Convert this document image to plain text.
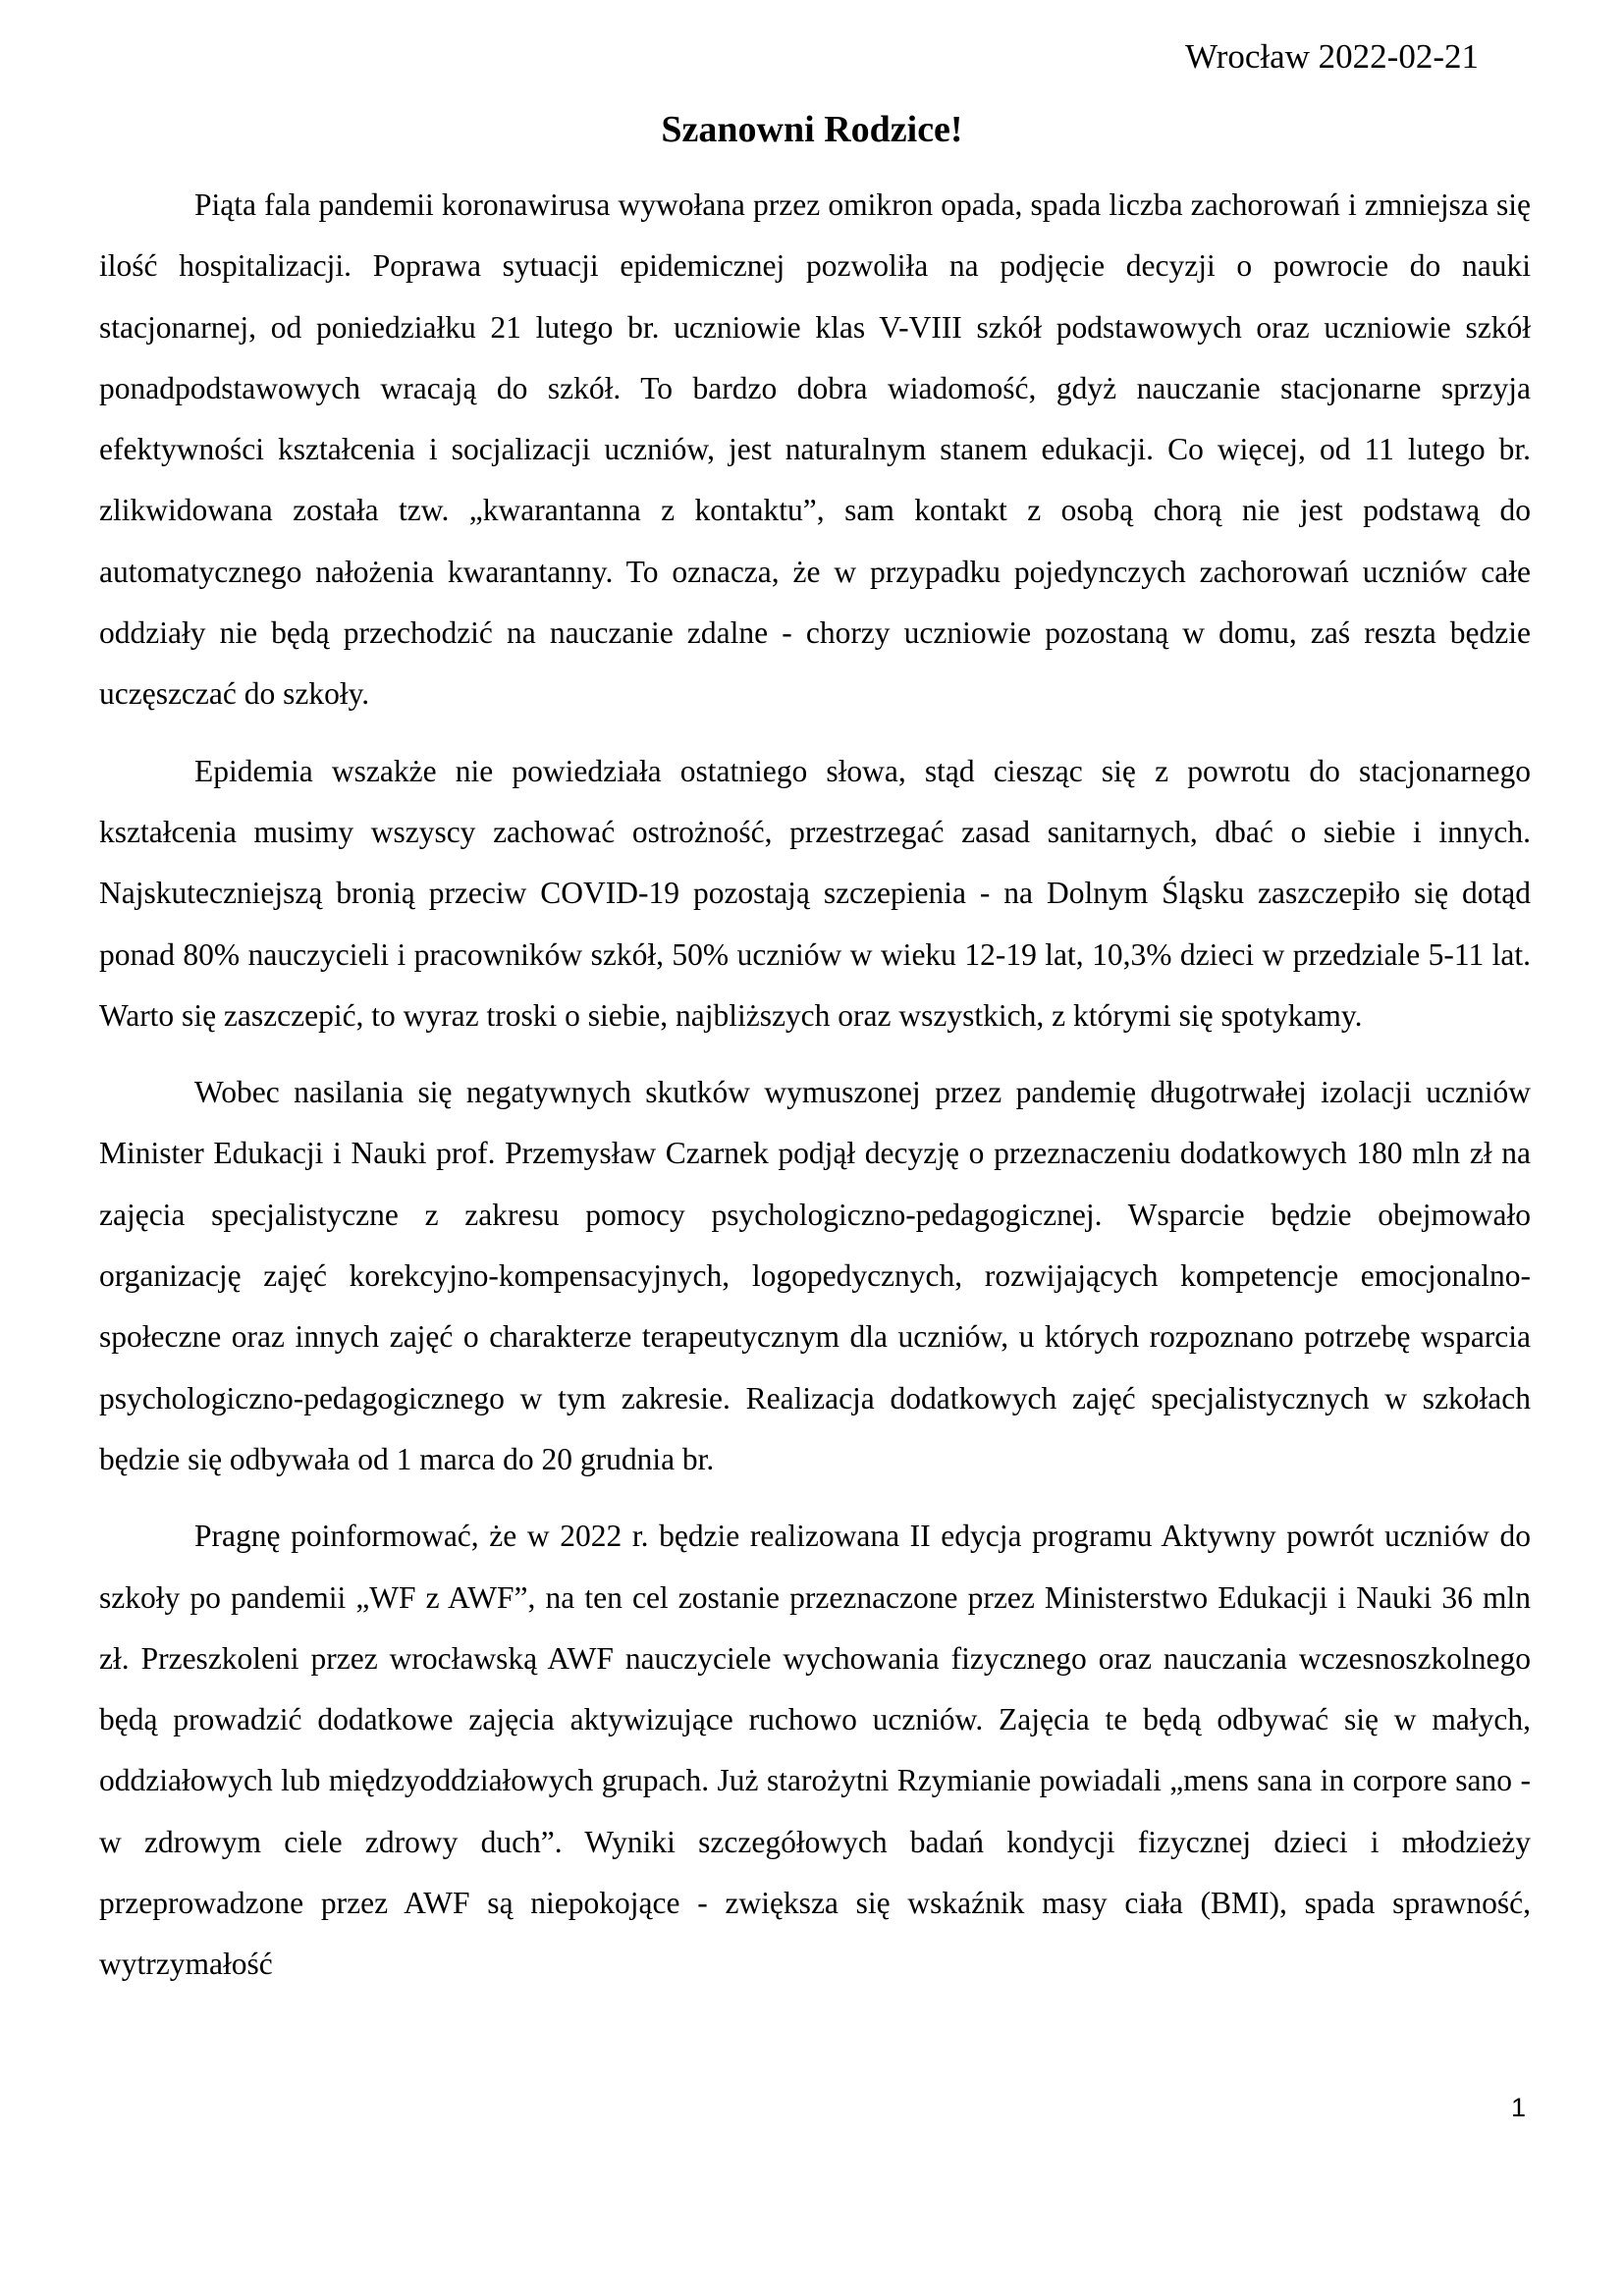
Wrocław 2022-02-21
Szanowni Rodzice!

Piąta fala pandemii koronawirusa wywołana przez omikron opada, spada liczba zachorowań i zmniejsza się ilość hospitalizacji. Poprawa sytuacji epidemicznej pozwoliła na podjęcie decyzji o powrocie do nauki stacjonarnej, od poniedziałku 21 lutego br. uczniowie klas V-VIII szkół podstawowych oraz uczniowie szkół ponadpodstawowych wracają do szkół. To bardzo dobra wiadomość, gdyż nauczanie stacjonarne sprzyja efektywności kształcenia i socjalizacji uczniów, jest naturalnym stanem edukacji. Co więcej, od 11 lutego br. zlikwidowana została tzw. „kwarantanna z kontaktu”, sam kontakt z osobą chorą nie jest podstawą do automatycznego nałożenia kwarantanny. To oznacza, że w przypadku pojedynczych zachorowań uczniów całe oddziały nie będą przechodzić na nauczanie zdalne - chorzy uczniowie pozostaną w domu, zaś reszta będzie uczęszczać do szkoły.

Epidemia wszakże nie powiedziała ostatniego słowa, stąd ciesząc się z powrotu do stacjonarnego kształcenia musimy wszyscy zachować ostrożność, przestrzegać zasad sanitarnych, dbać o siebie i innych. Najskuteczniejszą bronią przeciw COVID-19 pozostają szczepienia - na Dolnym Śląsku zaszczepiło się dotąd ponad 80% nauczycieli i pracowników szkół, 50% uczniów w wieku 12-19 lat, 10,3% dzieci w przedziale 5-11 lat. Warto się zaszczepić, to wyraz troski o siebie, najbliższych oraz wszystkich, z którymi się spotykamy.

Wobec nasilania się negatywnych skutków wymuszonej przez pandemię długotrwałej izolacji uczniów Minister Edukacji i Nauki prof. Przemysław Czarnek podjął decyzję o przeznaczeniu dodatkowych 180 mln zł na zajęcia specjalistyczne z zakresu pomocy psychologiczno-pedagogicznej. Wsparcie będzie obejmowało organizację zajęć korekcyjno-kompensacyjnych, logopedycznych, rozwijających kompetencje emocjonalno-społeczne oraz innych zajęć o charakterze terapeutycznym dla uczniów, u których rozpoznano potrzebę wsparcia psychologiczno-pedagogicznego w tym zakresie. Realizacja dodatkowych zajęć specjalistycznych w szkołach będzie się odbywała od 1 marca do 20 grudnia br.

Pragnę poinformować, że w 2022 r. będzie realizowana II edycja programu Aktywny powrót uczniów do szkoły po pandemii „WF z AWF”, na ten cel zostanie przeznaczone przez Ministerstwo Edukacji i Nauki 36 mln zł. Przeszkoleni przez wrocławską AWF nauczyciele wychowania fizycznego oraz nauczania wczesnoszkolnego będą prowadzić dodatkowe zajęcia aktywizujące ruchowo uczniów. Zajęcia te będą odbywać się w małych, oddziałowych lub międzyoddziałowych grupach. Już starożytni Rzymianie powiadali „mens sana in corpore sano - w zdrowym ciele zdrowy duch”. Wyniki szczegółowych badań kondycji fizycznej dzieci i młodzieży przeprowadzone przez AWF są niepokojące - zwiększa się wskaźnik masy ciała (BMI), spada sprawność, wytrzymałość

1
